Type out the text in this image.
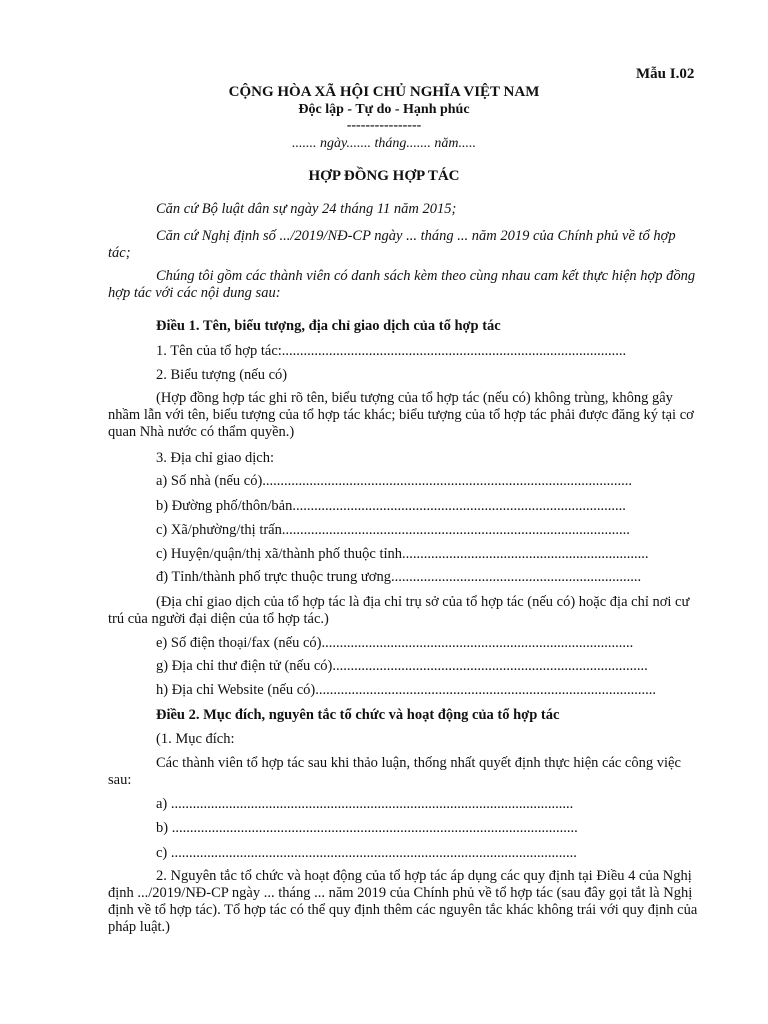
Mẫu I.02
CỘNG HÒA XÃ HỘI CHỦ NGHĨA VIỆT NAM
Độc lập - Tự do - Hạnh phúc
----------------
....... ngày....... tháng....... năm.....
HỢP ĐỒNG HỢP TÁC

Căn cứ Bộ luật dân sự ngày 24 tháng 11 năm 2015;

Căn cứ Nghị định số .../2019/NĐ-CP ngày ... tháng ... năm 2019 của Chính phủ về tổ hợp tác;

Chúng tôi gồm các thành viên có danh sách kèm theo cùng nhau cam kết thực hiện hợp đồng hợp tác với các nội dung sau:

Điều 1. Tên, biểu tượng, địa chỉ giao dịch của tổ hợp tác

1. Tên của tổ hợp tác:...............................................................................................

2. Biểu tượng (nếu có)

(Hợp đồng hợp tác ghi rõ tên, biểu tượng của tổ hợp tác (nếu có) không trùng, không gây nhầm lẫn với tên, biểu tượng của tổ hợp tác khác; biểu tượng của tổ hợp tác phải được đăng ký tại cơ quan Nhà nước có thẩm quyền.)

3. Địa chỉ giao dịch:

a) Số nhà (nếu có)......................................................................................................

b) Đường phố/thôn/bản............................................................................................

c) Xã/phường/thị trấn................................................................................................

c) Huyện/quận/thị xã/thành phố thuộc tỉnh....................................................................

đ) Tỉnh/thành phố trực thuộc trung ương.....................................................................

(Địa chỉ giao dịch của tổ hợp tác là địa chỉ trụ sở của tổ hợp tác (nếu có) hoặc địa chỉ nơi cư trú của người đại diện của tổ hợp tác.)

e) Số điện thoại/fax (nếu có)......................................................................................

g) Địa chỉ thư điện tử (nếu có).......................................................................................

h) Địa chỉ Website (nếu có)..............................................................................................

Điều 2. Mục đích, nguyên tắc tổ chức và hoạt động của tổ hợp tác

(1. Mục đích:

Các thành viên tổ hợp tác sau khi thảo luận, thống nhất quyết định thực hiện các công việc sau:

a) ...............................................................................................................

b) ................................................................................................................

c) ................................................................................................................

2. Nguyên tắc tổ chức và hoạt động của tổ hợp tác áp dụng các quy định tại Điều 4 của Nghị định .../2019/NĐ-CP ngày ... tháng ... năm 2019 của Chính phủ về tổ hợp tác (sau đây gọi tắt là Nghị định về tổ hợp tác). Tổ hợp tác có thể quy định thêm các nguyên tắc khác không trái với quy định của pháp luật.)
